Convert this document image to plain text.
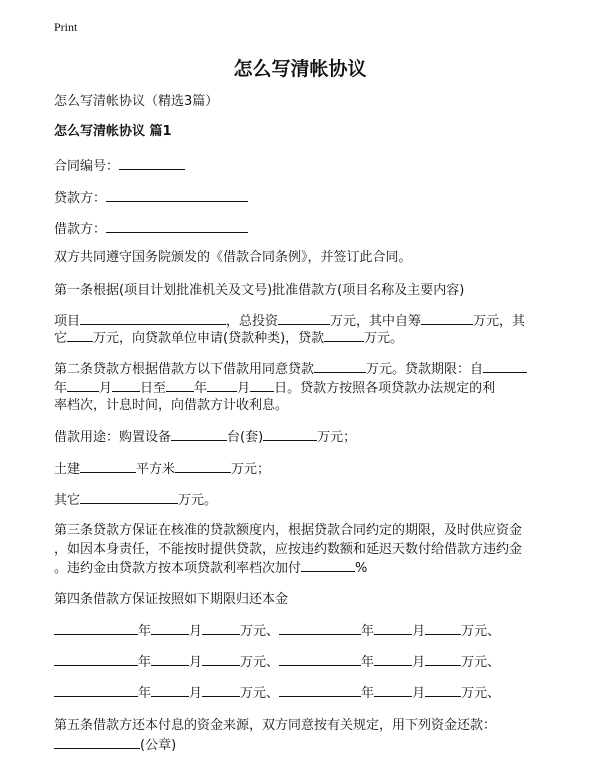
Print
怎么写清帐协议
怎么写清帐协议（精选3篇）
怎么写清帐协议 篇1
合同编号：
贷款方：
借款方：
双方共同遵守国务院颁发的《借款合同条例》，并签订此合同。
第一条根据(项目计划批准机关及文号)批准借款方(项目名称及主要内容)
项目	，总投资	万元，其中自筹	万元，其
它 万元，向贷款单位申请(贷款种类)，贷款	万元。
第二条贷款方根据借款方以下借款用同意贷款	万元。贷款期限：自
年 月 日至 年 月 日。贷款方按照各项贷款办法规定的利
率档次，计息时间，向借款方计收利息。
借款用途：购置设备	台(套)	万元；
土建	平方米	万元；
其它	万元。
第三条贷款方保证在核准的贷款额度内，根据贷款合同约定的期限，及时供应资金
，如因本身责任，不能按时提供贷款，应按违约数额和延迟天数付给借款方违约金
。违约金由贷款方按本项贷款利率档次加付	%
第四条借款方保证按照如下期限归还本金
年	月	万元、	年	月	万元、
年	月	万元、	年	月	万元、
年	月	万元、	年	月	万元、
第五条借款方还本付息的资金来源，双方同意按有关规定，用下列资金还款：
(公章)
